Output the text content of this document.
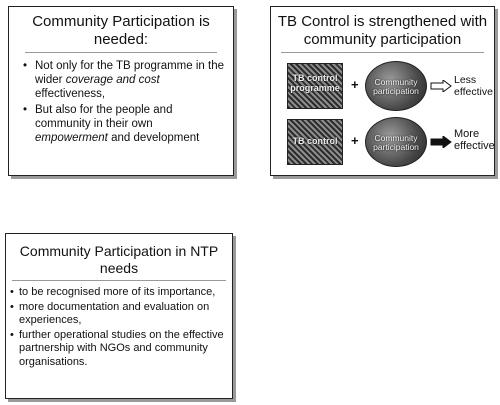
Community Participation is needed:
• Not only for the TB programme in the wider coverage and cost effectiveness,
• But also for the people and community in their own empowerment and development
TB Control is strengthened with community participation
TB control programme +	Community participation
Less effective
TB control	+	Community participation
More effective
Community Participation in NTP needs
• to be recognised more of its importance,
• more documentation and evaluation on experiences,
• further operational studies on the effective partnership with NGOs and community organisations.
